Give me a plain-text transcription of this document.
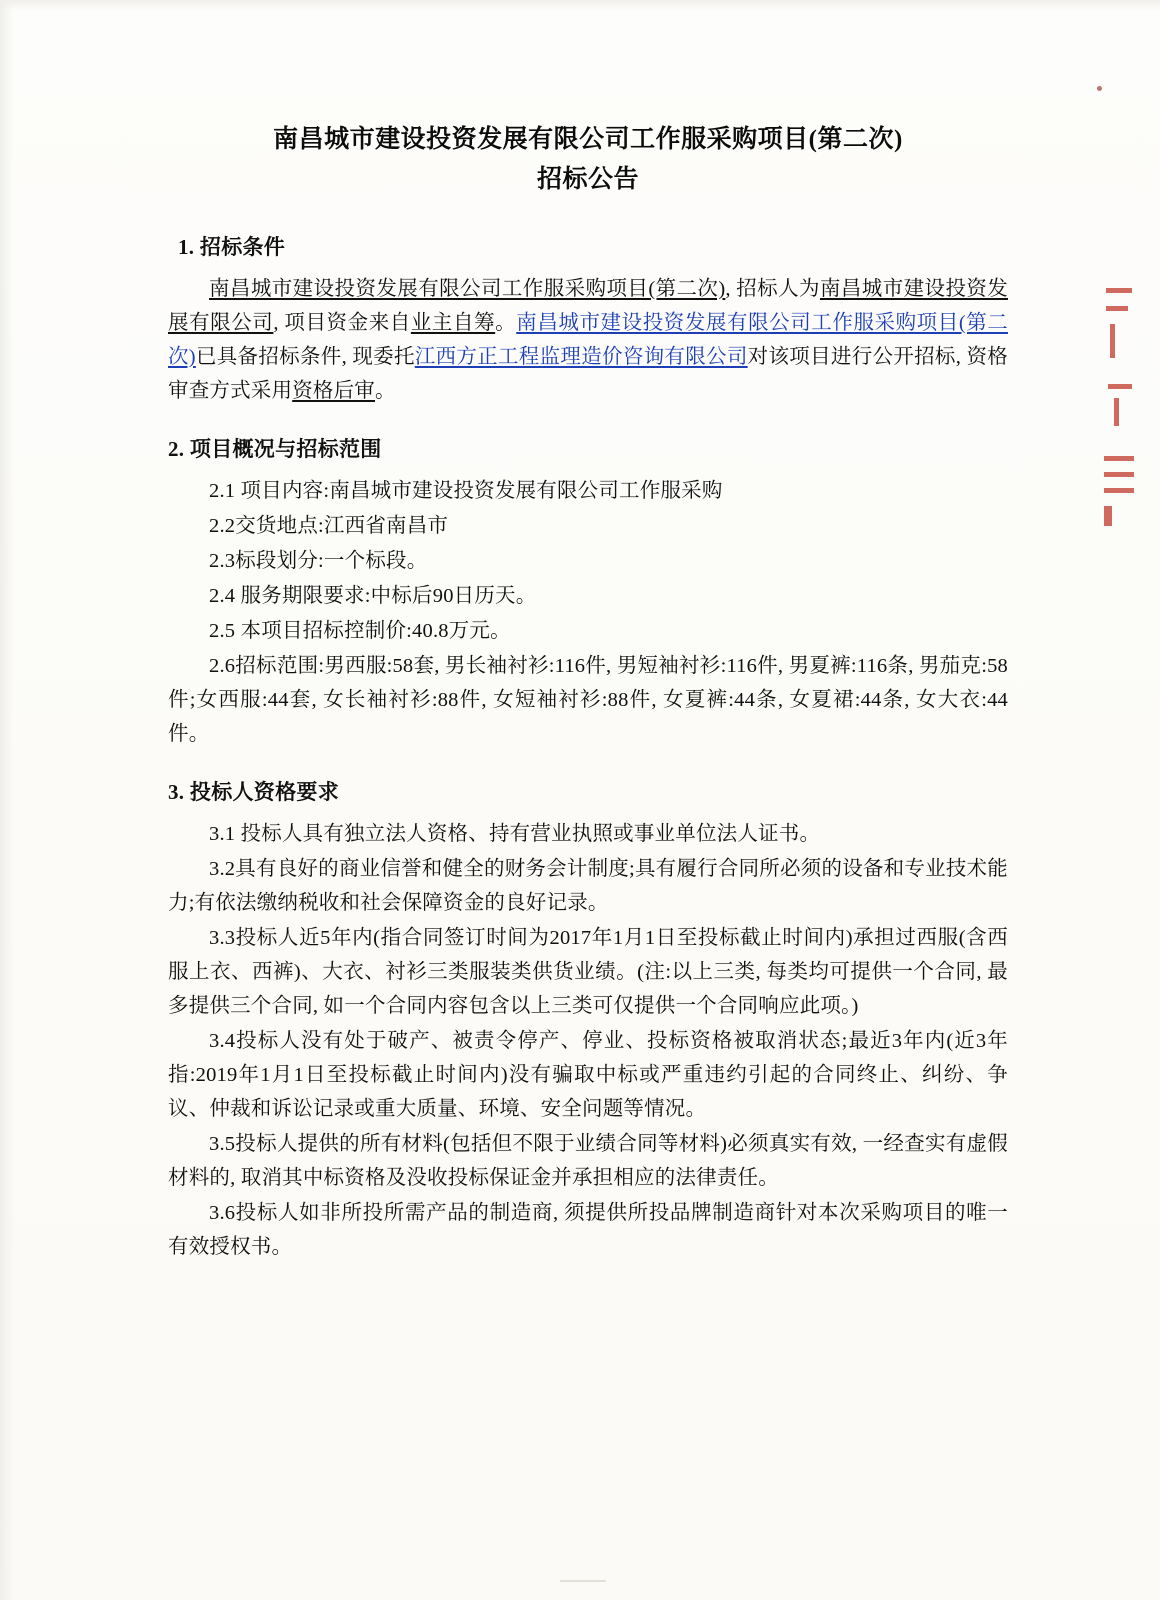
南昌城市建设投资发展有限公司工作服采购项目(第二次)
招标公告
1. 招标条件

南昌城市建设投资发展有限公司工作服采购项目(第二次), 招标人为南昌城市建设投资发展有限公司, 项目资金来自业主自筹。南昌城市建设投资发展有限公司工作服采购项目(第二次)已具备招标条件, 现委托江西方正工程监理造价咨询有限公司对该项目进行公开招标, 资格审查方式采用资格后审。

2. 项目概况与招标范围

2.1 项目内容:南昌城市建设投资发展有限公司工作服采购

2.2交货地点:江西省南昌市

2.3标段划分:一个标段。

2.4 服务期限要求:中标后90日历天。

2.5 本项目招标控制价:40.8万元。

2.6招标范围:男西服:58套, 男长袖衬衫:116件, 男短袖衬衫:116件, 男夏裤:116条, 男茄克:58件;女西服:44套, 女长袖衬衫:88件, 女短袖衬衫:88件, 女夏裤:44条, 女夏裙:44条, 女大衣:44件。

3. 投标人资格要求

3.1 投标人具有独立法人资格、持有营业执照或事业单位法人证书。

3.2具有良好的商业信誉和健全的财务会计制度;具有履行合同所必须的设备和专业技术能力;有依法缴纳税收和社会保障资金的良好记录。

3.3投标人近5年内(指合同签订时间为2017年1月1日至投标截止时间内)承担过西服(含西服上衣、西裤)、大衣、衬衫三类服装类供货业绩。(注:以上三类, 每类均可提供一个合同, 最多提供三个合同, 如一个合同内容包含以上三类可仅提供一个合同响应此项。)

3.4投标人没有处于破产、被责令停产、停业、投标资格被取消状态;最近3年内(近3年指:2019年1月1日至投标截止时间内)没有骗取中标或严重违约引起的合同终止、纠纷、争议、仲裁和诉讼记录或重大质量、环境、安全问题等情况。

3.5投标人提供的所有材料(包括但不限于业绩合同等材料)必须真实有效, 一经查实有虚假材料的, 取消其中标资格及没收投标保证金并承担相应的法律责任。

3.6投标人如非所投所需产品的制造商, 须提供所投品牌制造商针对本次采购项目的唯一有效授权书。
